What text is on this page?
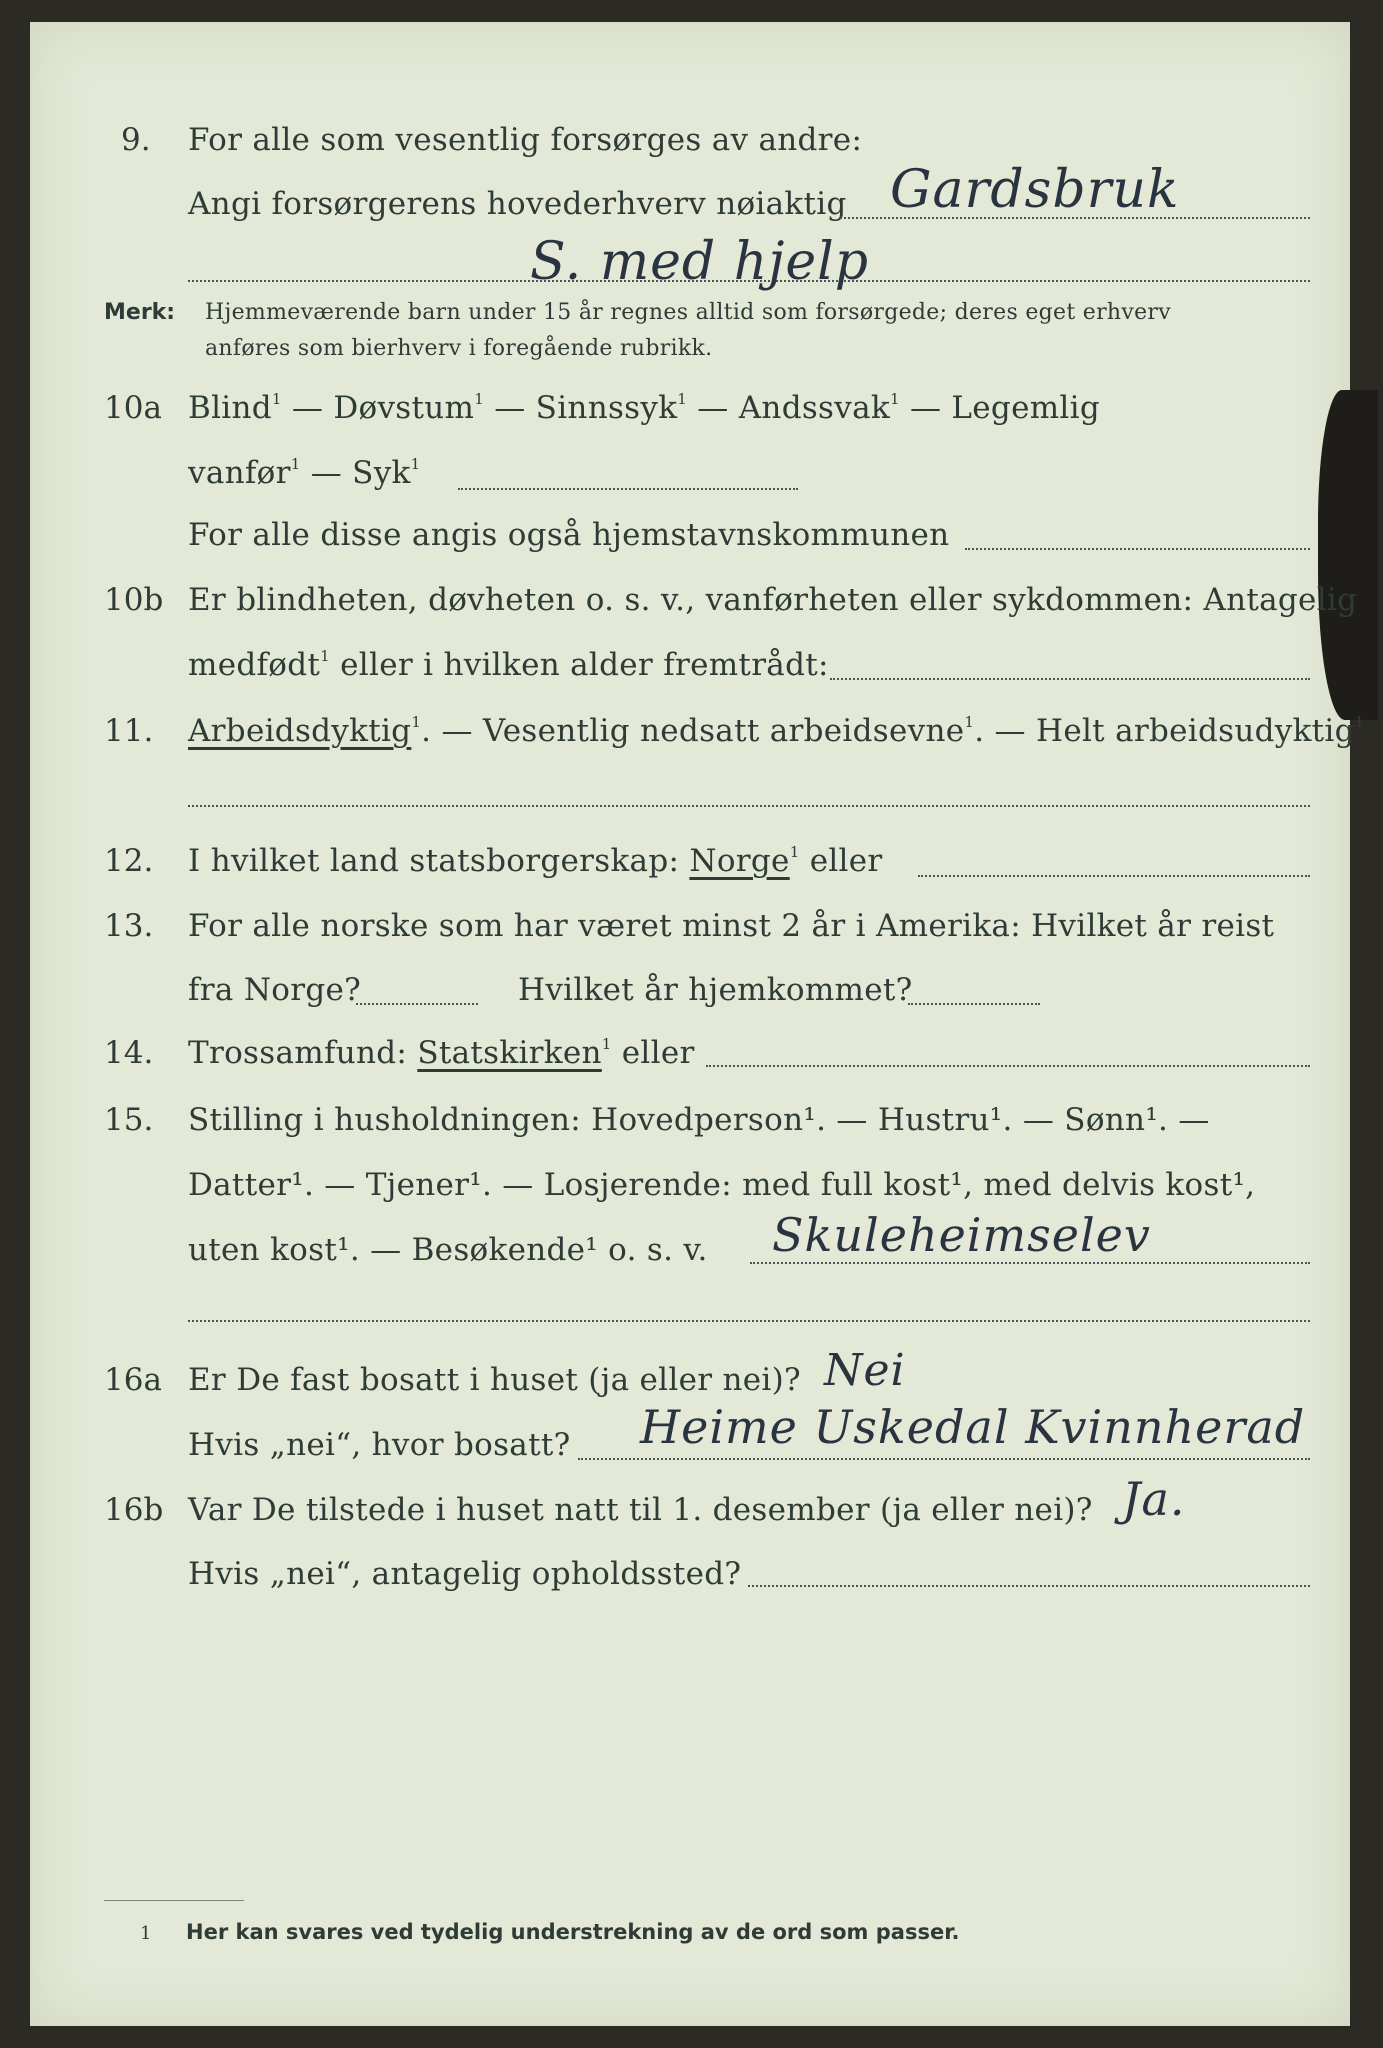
9. For alle som vesentlig forsørges av andre:
Angi forsørgerens hovederhverv nøiaktig Gardsbruk
S. med hjelp
Merk: Hjemmeværende barn under 15 år regnes alltid som forsørgede; deres eget erhverv
anføres som bierhverv i foregående rubrikk.
10a Blind$^1$ — Døvstum$^1$ — Sinnssyk$^1$ — Andssvak$^1$ — Legemlig
vanfør$^1$ — Syk$^1$
For alle disse angis også hjemstavnskommunen
10b Er blindheten, døvheten o. s. v., vanførheten eller sykdommen: Antagelig
medfødt$^1$ eller i hvilken alder fremtrådt:
11. Arbeidsdyktig$^1$. — Vesentlig nedsatt arbeidsevne$^1$. — Helt arbeidsudyktig$^1$
12. I hvilket land statsborgerskap: Norge$^1$ eller
13. For alle norske som har været minst 2 år i Amerika: Hvilket år reist
fra Norge?	Hvilket år hjemkommet?
14. Trossamfund: Statskirken$^1$ eller
15. Stilling i husholdningen: Hovedperson¹. — Hustru¹. — Sønn¹. —
Datter¹. — Tjener¹. — Losjerende: med full kost¹, med delvis kost¹,
uten kost¹. — Besøkende¹ o. s. v. Skuleheimselev
16a Er De fast bosatt i huset (ja eller nei)? Nei
Hvis „nei“, hvor bosatt? Heime Uskedal Kvinnherad
16b Var De tilstede i huset natt til 1. desember (ja eller nei)? Ja.
Hvis „nei“, antagelig opholdssted?
1 Her kan svares ved tydelig understrekning av de ord som passer.
